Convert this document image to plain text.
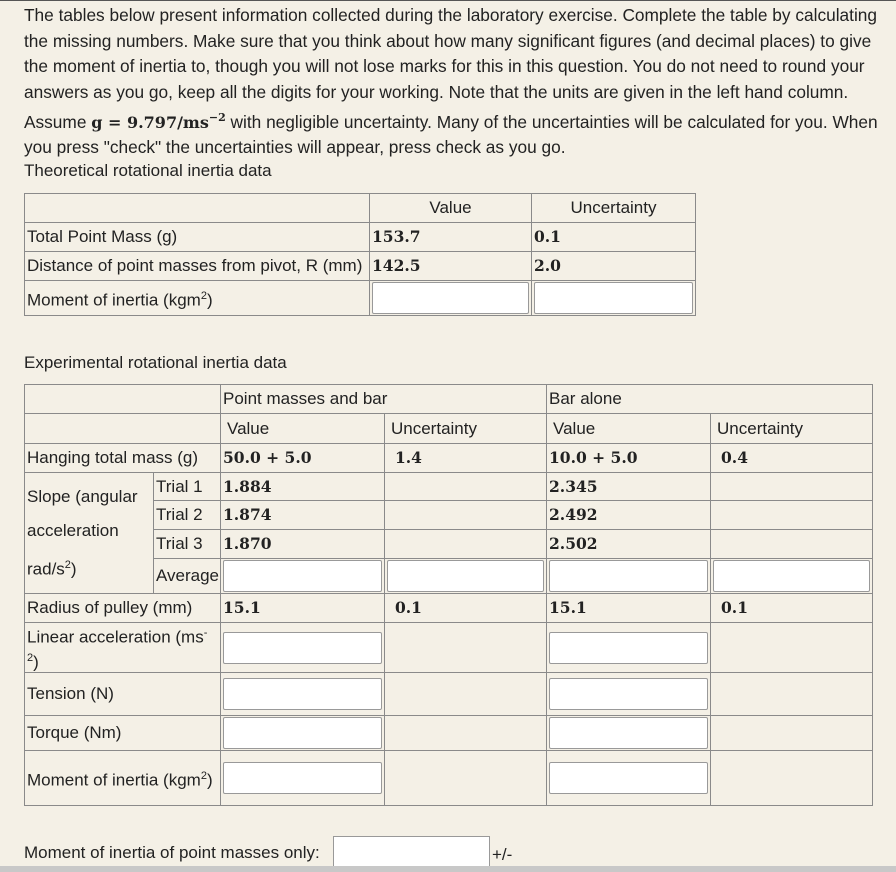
The tables below present information collected during the laboratory exercise. Complete the table by calculating the missing numbers. Make sure that you think about how many significant figures (and decimal places) to give the moment of inertia to, though you will not lose marks for this in this question. You do not need to round your answers as you go, keep all the digits for your working. Note that the units are given in the left hand column. Assume $g = 9.797/ms^{-2}$ with negligible uncertainty. Many of the uncertainties will be calculated for you. When you press "check" the uncertainties will appear, press check as you go.
Theoretical rotational inertia data
	Value	Uncertainty
Total Point Mass (g)	153.7	0.1
Distance of point masses from pivot, R (mm)	142.5	2.0
Moment of inertia (kgm$^2$)	

Experimental rotational inertia data
		Point masses and bar		Bar alone	
		Value	Uncertainty	Value	Uncertainty
Hanging total mass (g)		50.0 + 5.0	1.4	10.0 + 5.0	0.4
Slope (angular acceleration rad/$s^2$)	Trial 1	1.884		2.345	
	Trial 2	1.874		2.492	
	Trial 3	1.870		2.502	
	Average	

Radius of pulley (mm)		15.1	0.1	15.1	0.1
Linear acceleration $(ms^{-2})$	

Tension (N)	

Torque (Nm)	

Moment of inertia (kgm$^2$)	

Moment of inertia of point masses only:	+/-
